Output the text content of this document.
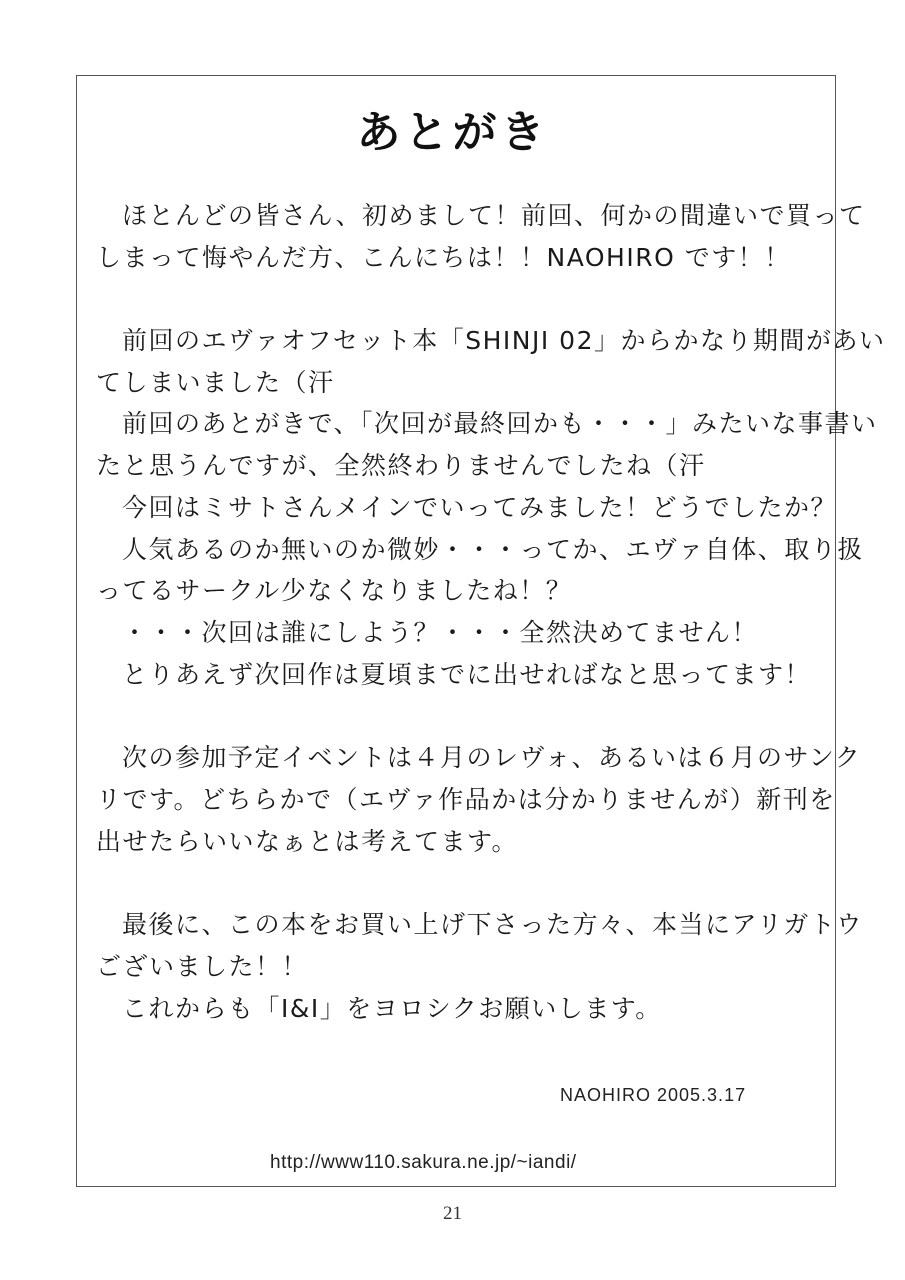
あとがき
ほとんどの皆さん、初めまして！前回、何かの間違いで買って
しまって悔やんだ方、こんにちは！！NAOHIRO です！！
前回のエヴァオフセット本「SHINJI 02」からかなり期間があい
てしまいました（汗
前回のあとがきで、「次回が最終回かも・・・」みたいな事書い
たと思うんですが、全然終わりませんでしたね（汗
今回はミサトさんメインでいってみました！どうでしたか？
人気あるのか無いのか微妙・・・ってか、エヴァ自体、取り扱
ってるサークル少なくなりましたね！？
・・・次回は誰にしよう？・・・全然決めてません！
とりあえず次回作は夏頃までに出せればなと思ってます！
次の参加予定イベントは４月のレヴォ、あるいは６月のサンク
リです。どちらかで（エヴァ作品かは分かりませんが）新刊を
出せたらいいなぁとは考えてます。
最後に、この本をお買い上げ下さった方々、本当にアリガトウ
ございました！！
これからも「I&I」をヨロシクお願いします。
NAOHIRO 2005.3.17
http://www110.sakura.ne.jp/~iandi/
21
